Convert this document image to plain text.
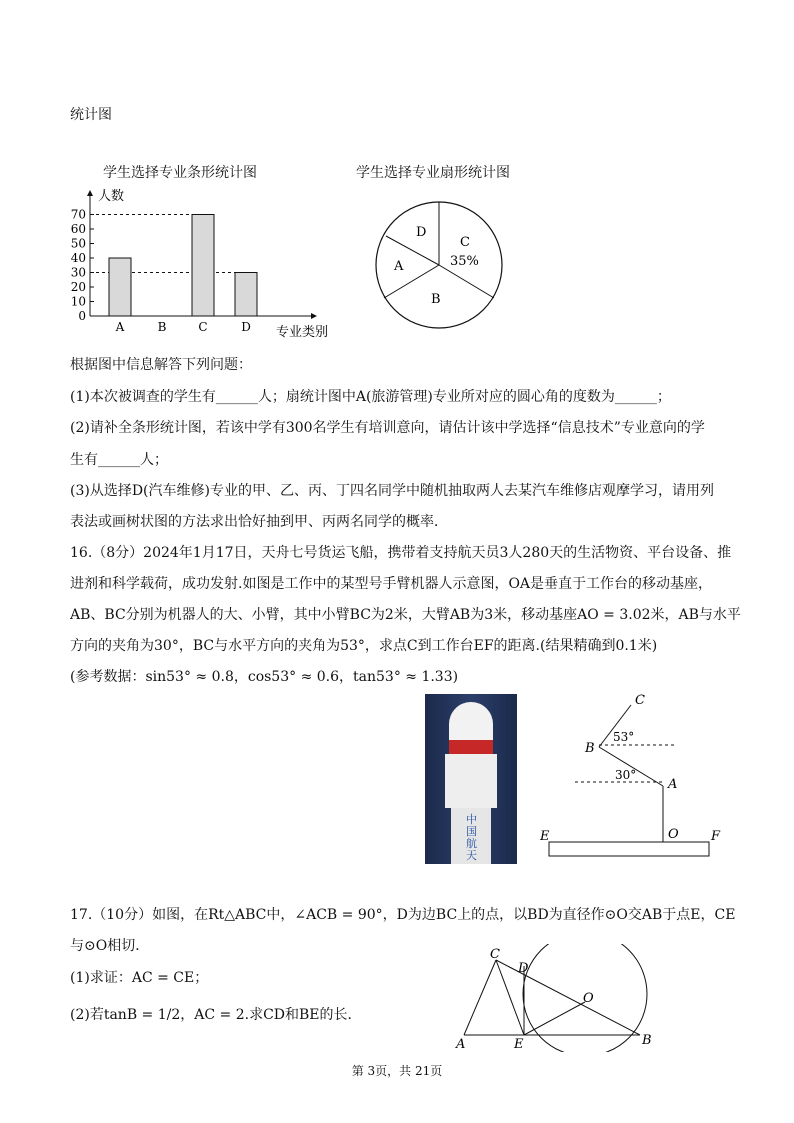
统计图
学生选择专业条形统计图
0
10
20
30
40
50
60
70
人数
专业类别
A	B	C	D
学生选择专业扇形统计图
D
C
35%
A
B
根据图中信息解答下列问题：
(1)本次被调查的学生有______人；扇统计图中A(旅游管理)专业所对应的圆心角的度数为______；
(2)请补全条形统计图，若该中学有300名学生有培训意向，请估计该中学选择“信息技术”专业意向的学
生有______人；
(3)从选择D(汽车维修)专业的甲、乙、丙、丁四名同学中随机抽取两人去某汽车维修店观摩学习，请用列
表法或画树状图的方法求出恰好抽到甲、丙两名同学的概率．
16.（8分）2024年1月17日，天舟七号货运飞船，携带着支持航天员3人280天的生活物资、平台设备、推
进剂和科学载荷，成功发射.如图是工作中的某型号手臂机器人示意图，OA是垂直于工作台的移动基座，
AB、BC分别为机器人的大、小臂，其中小臂BC为2米，大臂AB为3米，移动基座AO = 3.02米，AB与水平
方向的夹角为30°，BC与水平方向的夹角为53°，求点C到工作台EF的距离.(结果精确到0.1米)
(参考数据：sin53° ≈ 0.8，cos53° ≈ 0.6，tan53° ≈ 1.33)
中国航天
C
B
A
E	O F
53°
30°
17.（10分）如图，在Rt△ABC中，∠ACB = 90°，D为边BC上的点，以BD为直径作⊙O交AB于点E，CE
与⊙O相切．
(1)求证：AC = CE；
(2)若tanB = 1/2，AC = 2.求CD和BE的长．
C
D
O
A	E	B
第 3页，共 21页
